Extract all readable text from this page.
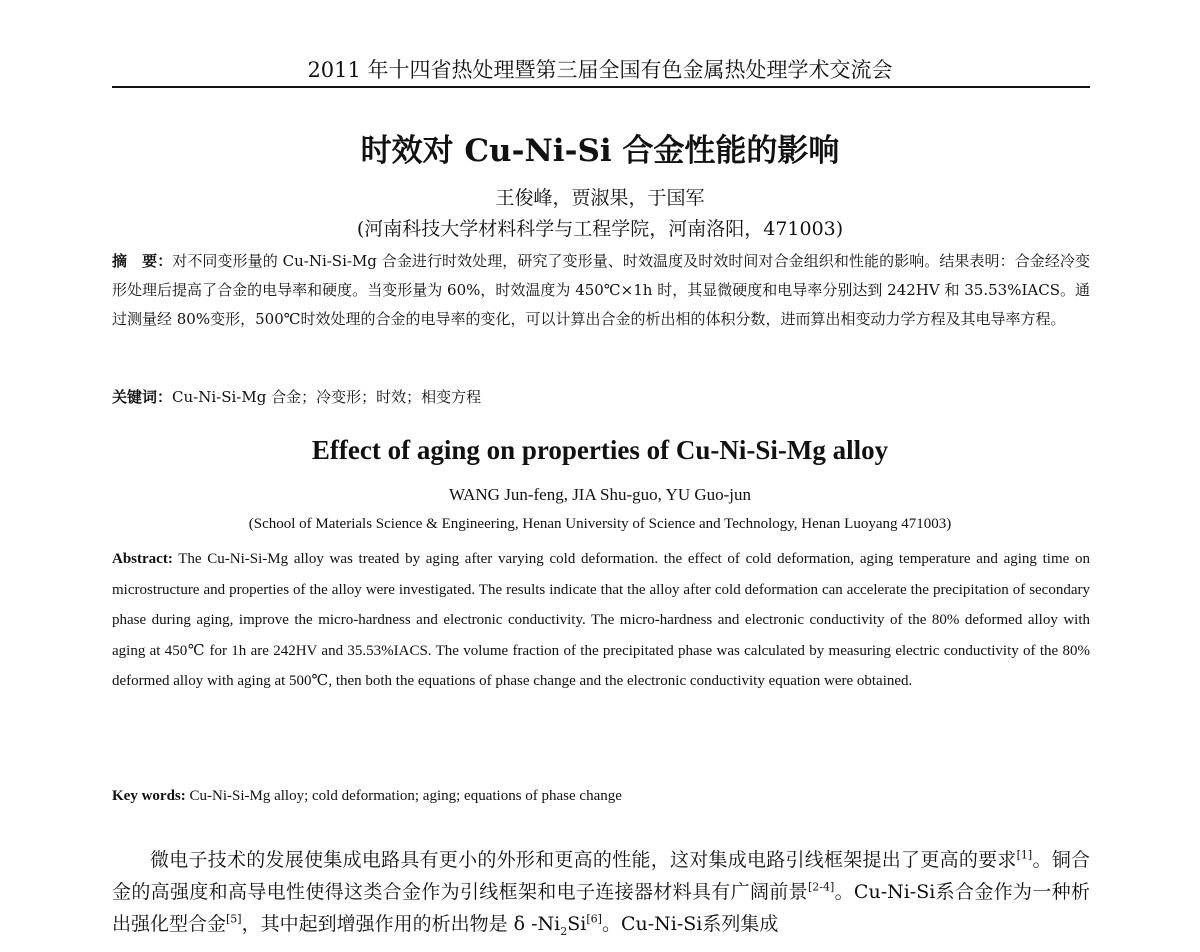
2011 年十四省热处理暨第三届全国有色金属热处理学术交流会
时效对 Cu-Ni-Si 合金性能的影响
王俊峰，贾淑果，于国军
(河南科技大学材料科学与工程学院，河南洛阳，471003)
摘　要：对不同变形量的 Cu-Ni-Si-Mg 合金进行时效处理，研究了变形量、时效温度及时效时间对合金组织和性能的影响。结果表明：合金经冷变形处理后提高了合金的电导率和硬度。当变形量为 60%，时效温度为 450℃×1h 时，其显微硬度和电导率分别达到 242HV 和 35.53%IACS。通过测量经 80%变形，500℃时效处理的合金的电导率的变化，可以计算出合金的析出相的体积分数，进而算出相变动力学方程及其电导率方程。
关键词：Cu-Ni-Si-Mg 合金；冷变形；时效；相变方程
Effect of aging on properties of Cu-Ni-Si-Mg alloy
WANG Jun-feng, JIA Shu-guo, YU Guo-jun
(School of Materials Science & Engineering, Henan University of Science and Technology, Henan Luoyang 471003)
Abstract: The Cu-Ni-Si-Mg alloy was treated by aging after varying cold deformation. the effect of cold deformation, aging temperature and aging time on microstructure and properties of the alloy were investigated. The results indicate that the alloy after cold deformation can accelerate the precipitation of secondary phase during aging, improve the micro-hardness and electronic conductivity. The micro-hardness and electronic conductivity of the 80% deformed alloy with aging at 450℃ for 1h are 242HV and 35.53%IACS. The volume fraction of the precipitated phase was calculated by measuring electric conductivity of the 80% deformed alloy with aging at 500℃, then both the equations of phase change and the electronic conductivity equation were obtained.
Key words: Cu-Ni-Si-Mg alloy; cold deformation; aging; equations of phase change
微电子技术的发展使集成电路具有更小的外形和更高的性能，这对集成电路引线框架提出了更高的要求[1]。铜合金的高强度和高导电性使得这类合金作为引线框架和电子连接器材料具有广阔前景[2-4]。Cu-Ni-Si系合金作为一种析出强化型合金[5]，其中起到增强作用的析出物是 δ $-Ni_2Si[6]$。Cu-Ni-Si系列集成
